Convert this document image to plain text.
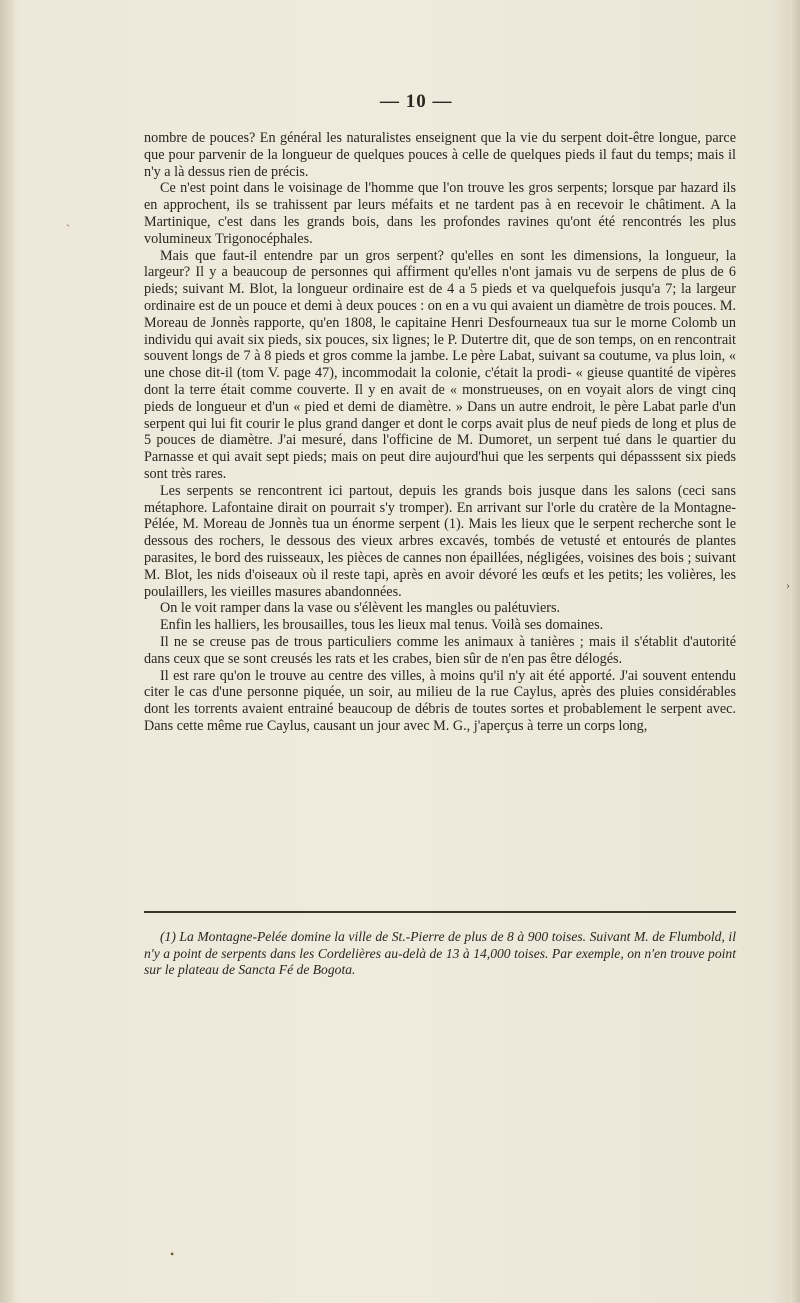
— 10 —

nombre de pouces? En général les naturalistes enseignent que la vie du serpent doit-être longue, parce que pour parvenir de la longueur de quelques pouces à celle de quelques pieds il faut du temps; mais il n'y a là dessus rien de précis.

Ce n'est point dans le voisinage de l'homme que l'on trouve les gros serpents; lorsque par hazard ils en approchent, ils se trahissent par leurs méfaits et ne tardent pas à en recevoir le châtiment. A la Martinique, c'est dans les grands bois, dans les profondes ravines qu'ont été rencontrés les plus volumineux Trigonocéphales.

Mais que faut-il entendre par un gros serpent? qu'elles en sont les dimensions, la longueur, la largeur? Il y a beaucoup de personnes qui affirment qu'elles n'ont jamais vu de serpens de plus de 6 pieds; suivant M. Blot, la longueur ordinaire est de 4 a 5 pieds et va quelquefois jusqu'a 7; la largeur ordinaire est de un pouce et demi à deux pouces : on en a vu qui avaient un diamètre de trois pouces. M. Moreau de Jonnès rapporte, qu'en 1808, le capitaine Henri Desfourneaux tua sur le morne Colomb un individu qui avait six pieds, six pouces, six lignes; le P. Dutertre dit, que de son temps, on en rencontrait souvent longs de 7 à 8 pieds et gros comme la jambe. Le père Labat, suivant sa coutume, va plus loin, « une chose dit-il (tom V. page 47), incommodait la colonie, c'était la prodi- « gieuse quantité de vipères dont la terre était comme couverte. Il y en avait de « monstrueuses, on en voyait alors de vingt cinq pieds de longueur et d'un « pied et demi de diamètre. » Dans un autre endroit, le père Labat parle d'un serpent qui lui fit courir le plus grand danger et dont le corps avait plus de neuf pieds de long et plus de 5 pouces de diamètre. J'ai mesuré, dans l'officine de M. Dumoret, un serpent tué dans le quartier du Parnasse et qui avait sept pieds; mais on peut dire aujourd'hui que les serpents qui dépasssent six pieds sont très rares.

Les serpents se rencontrent ici partout, depuis les grands bois jusque dans les salons (ceci sans métaphore. Lafontaine dirait on pourrait s'y tromper). En arrivant sur l'orle du cratère de la Montagne-Pélée, M. Moreau de Jonnès tua un énorme serpent (1). Mais les lieux que le serpent recherche sont le dessous des rochers, le dessous des vieux arbres excavés, tombés de vetusté et entourés de plantes parasites, le bord des ruisseaux, les pièces de cannes non épaillées, négligées, voisines des bois ; suivant M. Blot, les nids d'oiseaux où il reste tapi, après en avoir dévoré les œufs et les petits; les volières, les poulaillers, les vieilles masures abandonnées.

On le voit ramper dans la vase ou s'élèvent les mangles ou palétuviers.

Enfin les halliers, les brousailles, tous les lieux mal tenus. Voilà ses domaines.

Il ne se creuse pas de trous particuliers comme les animaux à tanières ; mais il s'établit d'autorité dans ceux que se sont creusés les rats et les crabes, bien sûr de n'en pas être délogés.

Il est rare qu'on le trouve au centre des villes, à moins qu'il n'y ait été apporté. J'ai souvent entendu citer le cas d'une personne piquée, un soir, au milieu de la rue Caylus, après des pluies considérables dont les torrents avaient entrainé beaucoup de débris de toutes sortes et probablement le serpent avec. Dans cette même rue Caylus, causant un jour avec M. G., j'aperçus à terre un corps long,

(1) La Montagne-Pelée domine la ville de St.-Pierre de plus de 8 à 900 toises. Suivant M. de Flumbold, il n'y a point de serpents dans les Cordelières au-delà de 13 à 14,000 toises. Par exemple, on n'en trouve point sur le plateau de Sancta Fé de Bogota.
`
›
•
